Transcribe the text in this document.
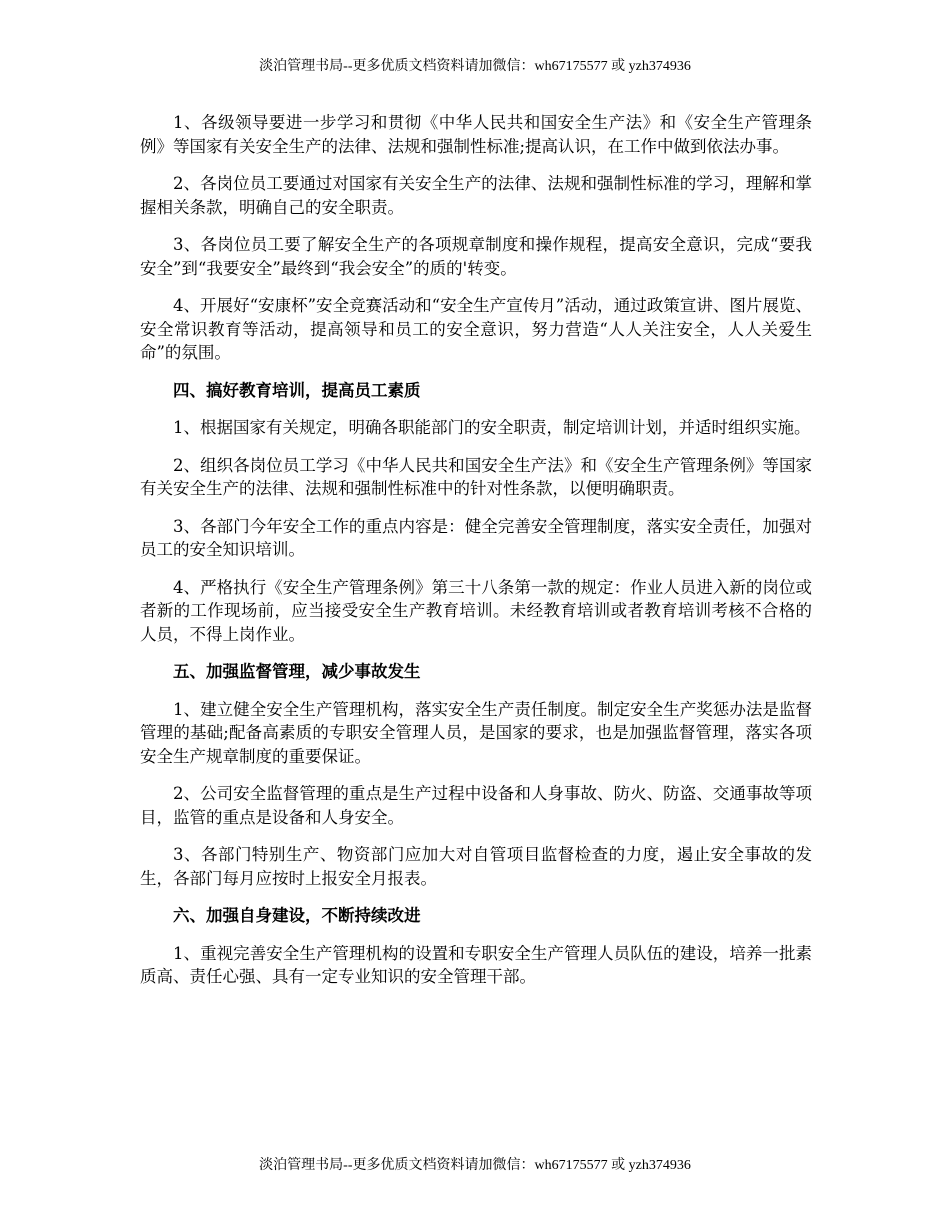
淡泊管理书局--更多优质文档资料请加微信：wh67175577 或 yzh374936

1、各级领导要进一步学习和贯彻《中华人民共和国安全生产法》和《安全生产管理条例》等国家有关安全生产的法律、法规和强制性标准;提高认识，在工作中做到依法办事。

2、各岗位员工要通过对国家有关安全生产的法律、法规和强制性标准的学习，理解和掌握相关条款，明确自己的安全职责。

3、各岗位员工要了解安全生产的各项规章制度和操作规程，提高安全意识，完成“要我安全”到“我要安全”最终到“我会安全”的质的'转变。

4、开展好“安康杯”安全竞赛活动和“安全生产宣传月”活动，通过政策宣讲、图片展览、安全常识教育等活动，提高领导和员工的安全意识，努力营造“人人关注安全，人人关爱生命”的氛围。

四、搞好教育培训，提高员工素质

1、根据国家有关规定，明确各职能部门的安全职责，制定培训计划，并适时组织实施。

2、组织各岗位员工学习《中华人民共和国安全生产法》和《安全生产管理条例》等国家有关安全生产的法律、法规和强制性标准中的针对性条款，以便明确职责。

3、各部门今年安全工作的重点内容是：健全完善安全管理制度，落实安全责任，加强对员工的安全知识培训。

4、严格执行《安全生产管理条例》第三十八条第一款的规定：作业人员进入新的岗位或者新的工作现场前，应当接受安全生产教育培训。未经教育培训或者教育培训考核不合格的人员，不得上岗作业。

五、加强监督管理，减少事故发生

1、建立健全安全生产管理机构，落实安全生产责任制度。制定安全生产奖惩办法是监督管理的基础;配备高素质的专职安全管理人员，是国家的要求，也是加强监督管理，落实各项安全生产规章制度的重要保证。

2、公司安全监督管理的重点是生产过程中设备和人身事故、防火、防盗、交通事故等项目，监管的重点是设备和人身安全。

3、各部门特别生产、物资部门应加大对自管项目监督检查的力度，遏止安全事故的发生，各部门每月应按时上报安全月报表。

六、加强自身建设，不断持续改进

1、重视完善安全生产管理机构的设置和专职安全生产管理人员队伍的建设，培养一批素质高、责任心强、具有一定专业知识的安全管理干部。

淡泊管理书局--更多优质文档资料请加微信：wh67175577 或 yzh374936
